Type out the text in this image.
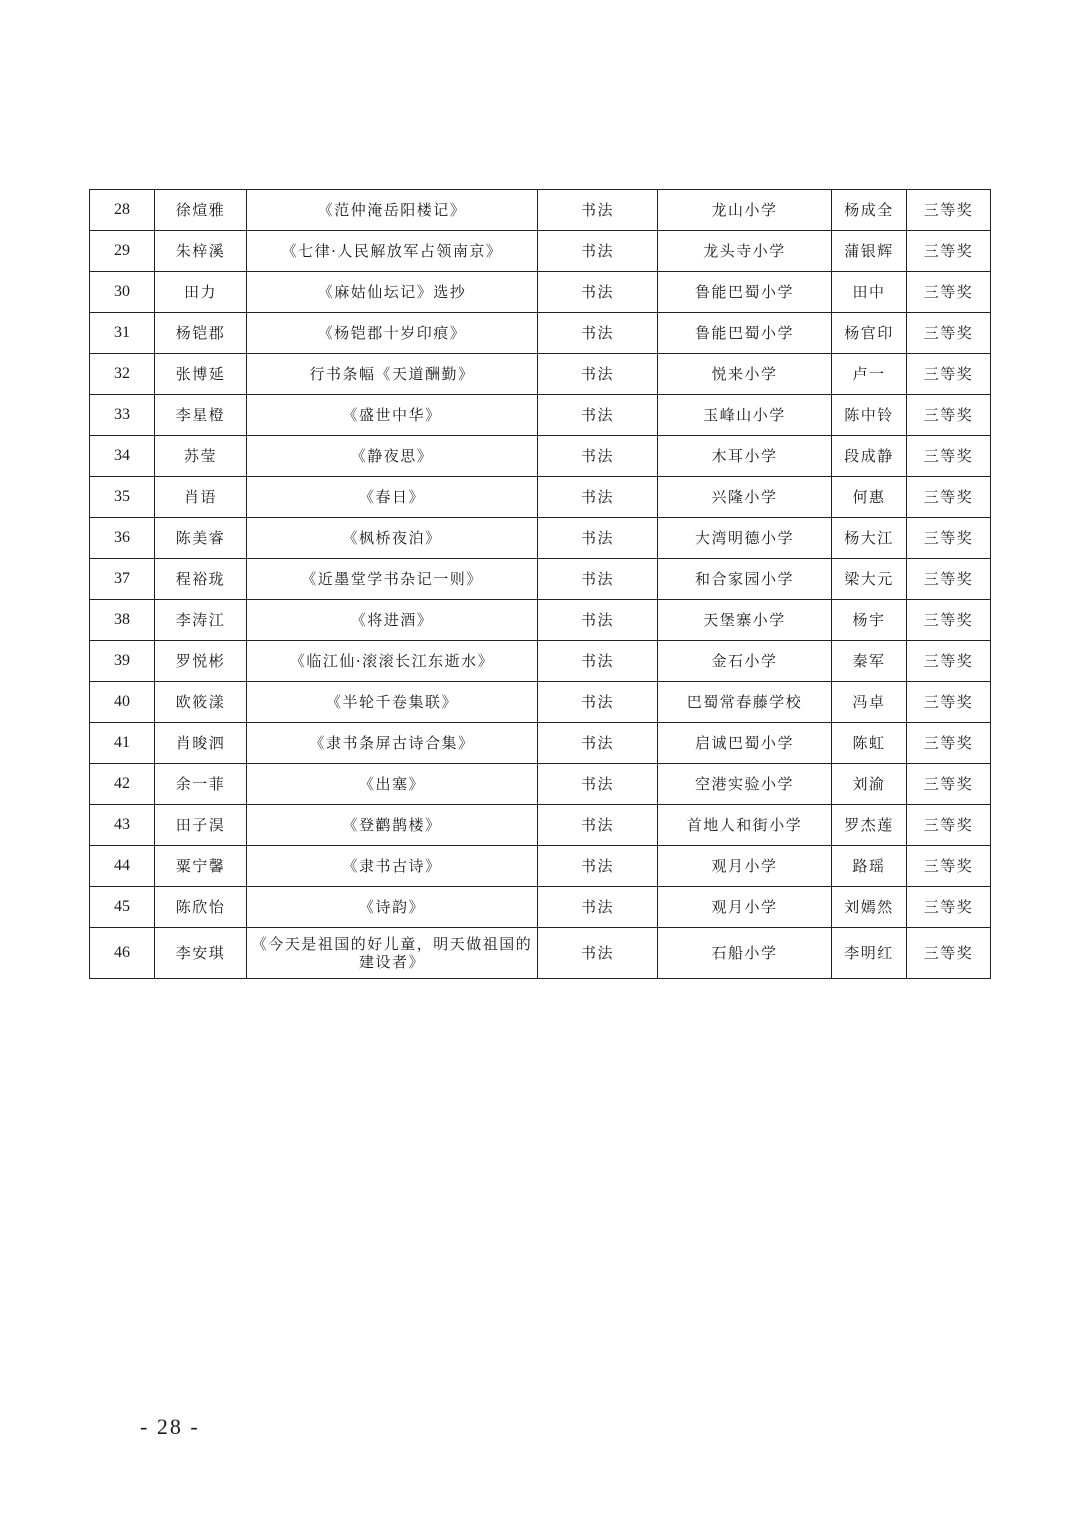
28	徐煊雅	《范仲淹岳阳楼记》	书法	龙山小学	杨成全	三等奖
29	朱梓溪	《七律·人民解放军占领南京》	书法	龙头寺小学	蒲银辉	三等奖
30	田力	《麻姑仙坛记》选抄	书法	鲁能巴蜀小学	田中	三等奖
31	杨铠郡	《杨铠郡十岁印痕》	书法	鲁能巴蜀小学	杨官印	三等奖
32	张博延	行书条幅《天道酬勤》	书法	悦来小学	卢一	三等奖
33	李星橙	《盛世中华》	书法	玉峰山小学	陈中铃	三等奖
34	苏莹	《静夜思》	书法	木耳小学	段成静	三等奖
35	肖语	《春日》	书法	兴隆小学	何惠	三等奖
36	陈美睿	《枫桥夜泊》	书法	大湾明德小学	杨大江	三等奖
37	程裕珑	《近墨堂学书杂记一则》	书法	和合家园小学	梁大元	三等奖
38	李涛江	《将进酒》	书法	天堡寨小学	杨宇	三等奖
39	罗悦彬	《临江仙·滚滚长江东逝水》	书法	金石小学	秦军	三等奖
40	欧筱漾	《半轮千卷集联》	书法	巴蜀常春藤学校	冯卓	三等奖
41	肖晙泗	《隶书条屏古诗合集》	书法	启诚巴蜀小学	陈虹	三等奖
42	余一菲	《出塞》	书法	空港实验小学	刘渝	三等奖
43	田子淏	《登鹳鹊楼》	书法	首地人和街小学	罗杰莲	三等奖
44	粟宁馨	《隶书古诗》	书法	观月小学	路瑶	三等奖
45	陈欣怡	《诗韵》	书法	观月小学	刘嫣然	三等奖
46	李安琪	《今天是祖国的好儿童，明天做祖国的建设者》	书法	石船小学	李明红	三等奖
- 28 -
